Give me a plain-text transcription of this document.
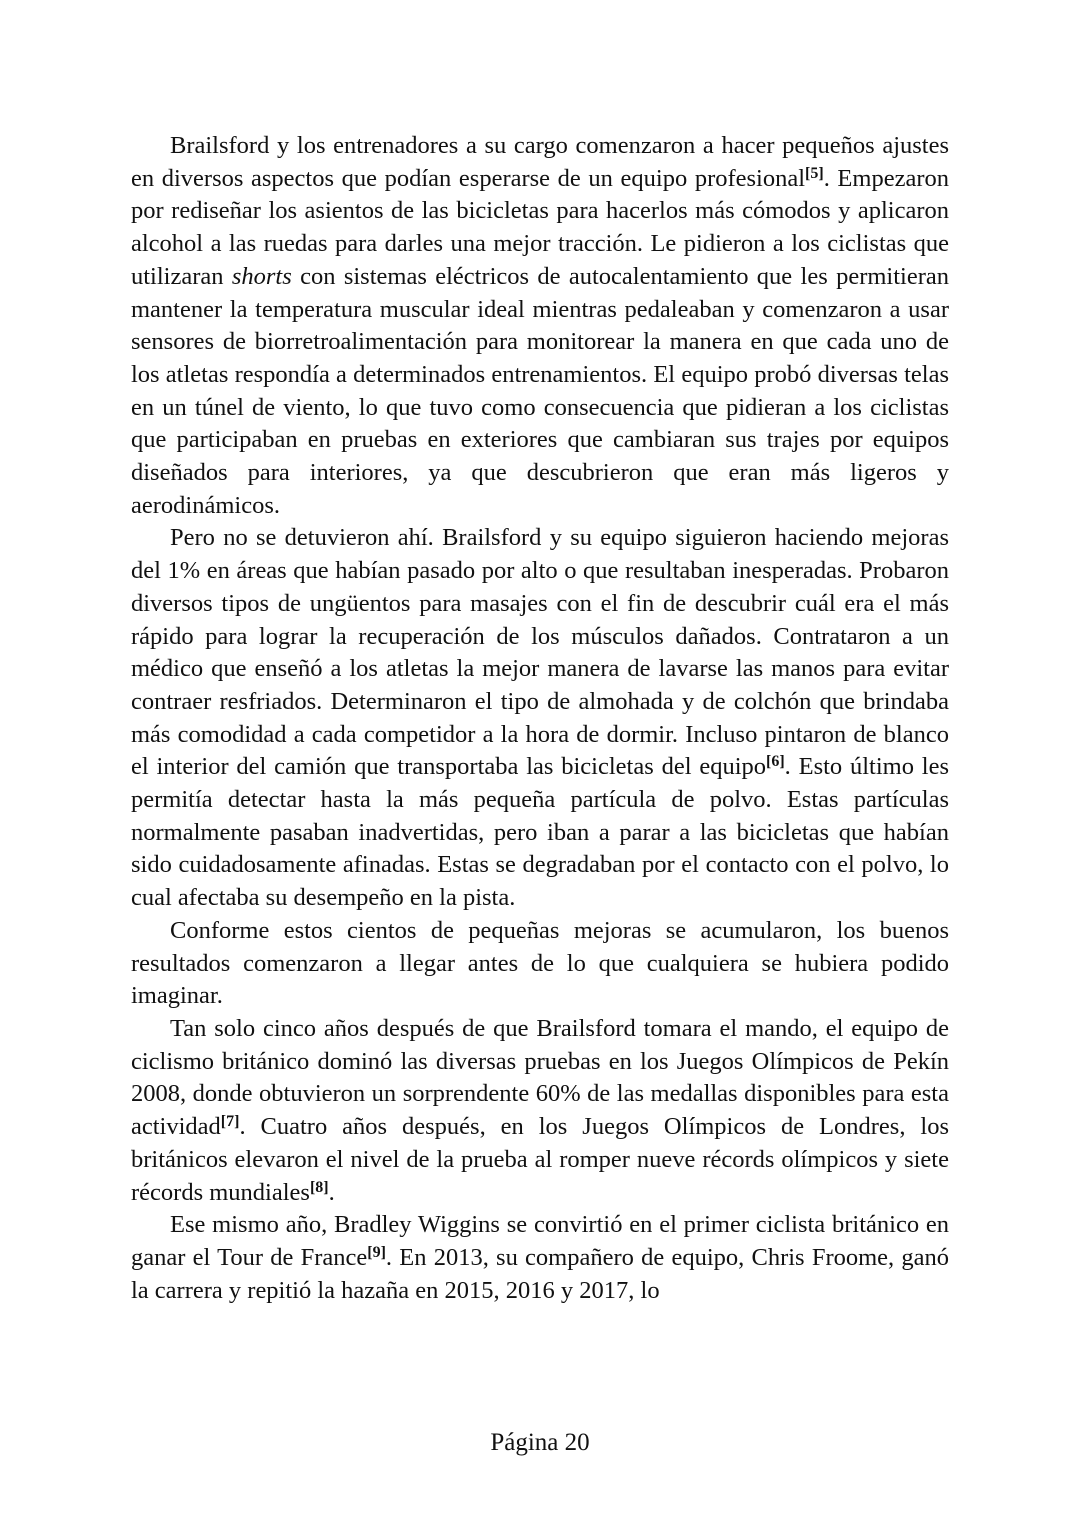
Brailsford y los entrenadores a su cargo comenzaron a hacer pequeños ajustes en diversos aspectos que podían esperarse de un equipo profesional[5]. Empezaron por rediseñar los asientos de las bicicletas para hacerlos más cómodos y aplicaron alcohol a las ruedas para darles una mejor tracción. Le pidieron a los ciclistas que utilizaran shorts con sistemas eléctricos de autocalentamiento que les permitieran mantener la temperatura muscular ideal mientras pedaleaban y comenzaron a usar sensores de biorretroalimentación para monitorear la manera en que cada uno de los atletas respondía a determinados entrenamientos. El equipo probó diversas telas en un túnel de viento, lo que tuvo como consecuencia que pidieran a los ciclistas que participaban en pruebas en exteriores que cambiaran sus trajes por equipos diseñados para interiores, ya que descubrieron que eran más ligeros y aerodinámicos.

Pero no se detuvieron ahí. Brailsford y su equipo siguieron haciendo mejoras del 1% en áreas que habían pasado por alto o que resultaban inesperadas. Probaron diversos tipos de ungüentos para masajes con el fin de descubrir cuál era el más rápido para lograr la recuperación de los músculos dañados. Contrataron a un médico que enseñó a los atletas la mejor manera de lavarse las manos para evitar contraer resfriados. Determinaron el tipo de almohada y de colchón que brindaba más comodidad a cada competidor a la hora de dormir. Incluso pintaron de blanco el interior del camión que transportaba las bicicletas del equipo[6]. Esto último les permitía detectar hasta la más pequeña partícula de polvo. Estas partículas normalmente pasaban inadvertidas, pero iban a parar a las bicicletas que habían sido cuidadosamente afinadas. Estas se degradaban por el contacto con el polvo, lo cual afectaba su desempeño en la pista.

Conforme estos cientos de pequeñas mejoras se acumularon, los buenos resultados comenzaron a llegar antes de lo que cualquiera se hubiera podido imaginar.

Tan solo cinco años después de que Brailsford tomara el mando, el equipo de ciclismo británico dominó las diversas pruebas en los Juegos Olímpicos de Pekín 2008, donde obtuvieron un sorprendente 60% de las medallas disponibles para esta actividad[7]. Cuatro años después, en los Juegos Olímpicos de Londres, los británicos elevaron el nivel de la prueba al romper nueve récords olímpicos y siete récords mundiales[8].

Ese mismo año, Bradley Wiggins se convirtió en el primer ciclista británico en ganar el Tour de France[9]. En 2013, su compañero de equipo, Chris Froome, ganó la carrera y repitió la hazaña en 2015, 2016 y 2017, lo

Página 20
